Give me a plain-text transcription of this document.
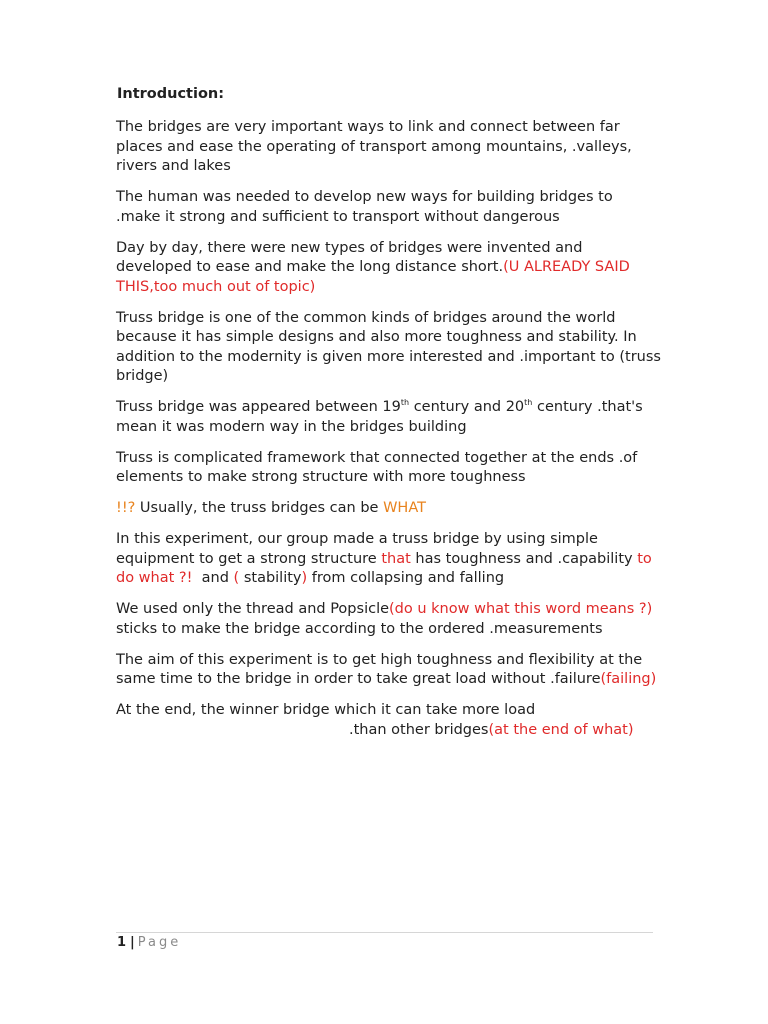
Introduction:

The bridges are very important ways to link and connect between far places and ease the operating of transport among mountains, .valleys, rivers and lakes

The human was needed to develop new ways for building bridges to .make it strong and sufficient to transport without dangerous

Day by day, there were new types of bridges were invented and developed to ease and make the long distance short.(U ALREADY SAID THIS,too much out of topic)

Truss bridge is one of the common kinds of bridges around the world because it has simple designs and also more toughness and stability. In addition to the modernity is given more interested and .important to (truss bridge)

Truss bridge was appeared between 19th century and 20th century .that's mean it was modern way in the bridges building

Truss is complicated framework that connected together at the ends .of elements to make strong structure with more toughness

!!? Usually, the truss bridges can be WHAT

In this experiment, our group made a truss bridge by using simple equipment to get a strong structure that has toughness and .capability to do what ?!  and ( stability) from collapsing and falling

We used only the thread and Popsicle(do u know what this word means ?) sticks to make the bridge according to the ordered .measurements

The aim of this experiment is to get high toughness and flexibility at the same time to the bridge in order to take great load without .failure(failing)

At the end, the winner bridge which it can take more load
.than other bridges(at the end of what)

1 | Page
